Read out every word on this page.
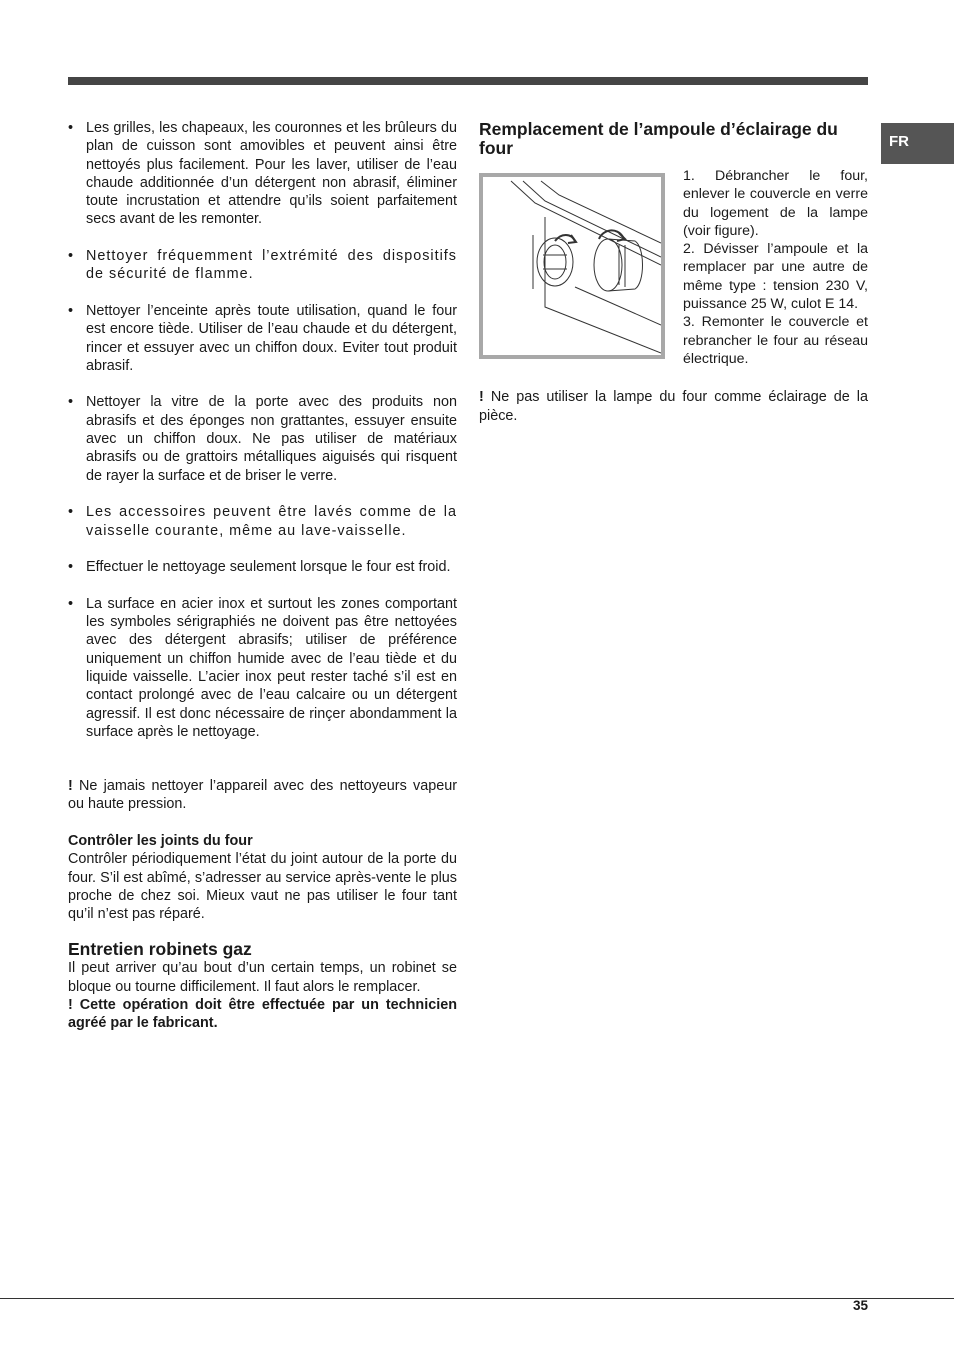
FR
• Les grilles, les chapeaux, les couronnes et les brûleurs du plan de cuisson sont amovibles et peuvent ainsi être nettoyés plus facilement. Pour les laver, utiliser de l’eau chaude additionnée d’un détergent non abrasif, éliminer toute incrustation et attendre qu’ils soient parfaitement secs avant de les remonter.
• Nettoyer fréquemment l’extrémité des dispositifs de sécurité de flamme.
• Nettoyer l’enceinte après toute utilisation, quand le four est encore tiède. Utiliser de l’eau chaude et du détergent, rincer et essuyer avec un chiffon doux. Eviter tout produit abrasif.
• Nettoyer la vitre de la porte avec des produits non abrasifs et des éponges non grattantes, essuyer ensuite avec un chiffon doux. Ne pas utiliser de matériaux abrasifs ou de grattoirs métalliques aiguisés qui risquent de rayer la surface et de briser le verre.
• Les accessoires peuvent être lavés comme de la vaisselle courante, même au lave-vaisselle.
• Effectuer le nettoyage seulement lorsque le four est froid.
• La surface en acier inox et surtout les zones comportant les symboles sérigraphiés ne doivent pas être nettoyées avec des détergent abrasifs; utiliser de préférence uniquement un chiffon humide avec de l’eau tiède et du liquide vaisselle. L’acier inox peut rester taché s’il est en contact prolongé avec de l’eau calcaire ou un détergent agressif. Il est donc nécessaire de rinçer abondamment la surface après le nettoyage.

! Ne jamais nettoyer l’appareil avec des nettoyeurs vapeur ou haute pression.

Contrôler les joints du four

Contrôler périodiquement l’état du joint autour de la porte du four. S’il est abîmé, s’adresser au service après-vente le plus proche de chez soi. Mieux vaut ne pas utiliser le four tant qu’il n’est pas réparé.

Entretien robinets gaz

Il peut arriver qu’au bout d’un certain temps, un robinet se bloque ou tourne difficilement. Il faut alors le remplacer.

! Cette opération doit être effectuée par un technicien agréé par le fabricant.

Remplacement de l’ampoule d’éclairage du four

1. Débrancher le four, enlever le couvercle en verre du logement de la lampe (voir figure).

2. Dévisser l’ampoule et la remplacer par une autre de même type : tension 230 V, puissance 25 W, culot E 14.

3. Remonter le couvercle et rebrancher le four au réseau électrique.

! Ne pas utiliser la lampe du four comme éclairage de la pièce.

35
